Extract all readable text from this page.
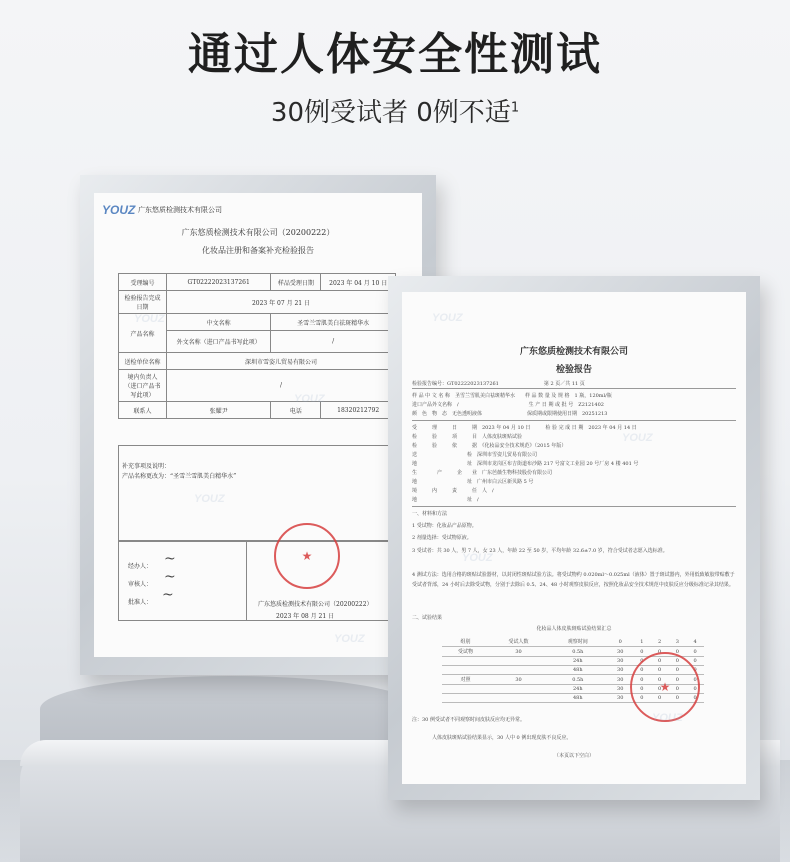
通过人体安全性测试
30例受试者 0例不适$^1$
YOUZ 广东悠质检测技术有限公司
广东悠质检测技术有限公司（20200222）
化妆品注册和备案补充检验报告
受理编号	GT02222023137261	样品受理日期	2023 年 04 月 10 日
检验报告完成日期	2023 年 07 月 21 日		
产品名称	中文名称	圣雪兰雪肌美白祛斑精华水	
	外文名称（进口产品书写此项）	/	
送检单位名称	深圳市雪姿儿贸易有限公司		
境内负责人（进口产品书写此项）	/		
联系人	张耀尹	电话	18320212792
补充事项及说明：
产品名称更改为：“圣雪兰雪肌美白精华水”
经办人：
审核人：
批准人：
~
~
~
广东悠质检测技术有限公司（20200222）
2023 年 08 月 21 日
★
YOUZ
YOUZ
YOUZ
YOUZ
广东悠质检测技术有限公司
检验报告
检验报告编号：GT02222023137261　　　　　　　　　第 2 页／共 11 页
样 品 中 文 名 称　圣雪兰雪肌美白祛斑精华水　　样 品 数 量 及 规 格　1 瓶，120ml/瓶
进口产品外文名称　/　　　　　　　　　　　　　　生 产 日 期 或 批 号　Z2121402
颜　色　物　态　无色透明液体　　　　　　　　　保质期或限期使用日期　20251213
受　　　理　　　日　　　期　2023 年 04 月 10 日　　　检 验 完 成 日 期　2023 年 04 月 14 日
检　　　验　　　项　　　目　人体皮肤斑贴试验
检　　　验　　　依　　　据　《化妆品安全技术规范》（2015 年版）
送　　　　　　　　　　检　深圳市雪姿儿贸易有限公司
地　　　　　　　　　　址　深圳市龙岗区布吉街道布沙路 217 号富文工业园 20 号厂房 4 楼 401 号
生　　　　产　　　企　　业　广东芭薇生物科技股份有限公司
地　　　　　　　　　　址　广州市白云区新贝路 5 号
境　　　内　　　责　　　任　人　/
地　　　　　　　　　　址　/
一、材料和方法
1 受试物：化妆品产品原物。
2 剂量选择：受试物原液。
3 受试者：共 30 人，男 7 人，女 23 人，年龄 22 至 50 岁，平均年龄 32.6±7.0 岁，符合受试者志愿入选标准。
4 测试方法：选用合格的斑贴试验器材，以封闭性斑贴试验方法。将受试物约 0.020ml～0.025ml（液体）置于斑试器内，外用低致敏胶带贴敷于受试者背部，24 小时后去除受试物，分别于去除后 0.5、24、48 小时观察皮肤反应，按照化妆品安全技术规范中皮肤反应分级标准记录其结果。
二、试验结果
化妆品人体皮肤斑贴试验结果汇总
组别	受试人数	观察时间	0	1	2	3	4
受试物	30	0.5h	30	0	0	0	0
		24h	30	0	0	0	0
		48h	30	0	0	0	0
对照	30	0.5h	30	0	0	0	0
		24h	30	0	0	0	0
		48h	30	0	0	0	0
注：30 例受试者不同观察时间皮肤反应均无异常。
人体皮肤斑贴试验结果显示，30 人中 0 例出现皮肤不良反应。
（本页以下空白）
★
YOUZ
YOUZ
YOUZ
YOUZ
